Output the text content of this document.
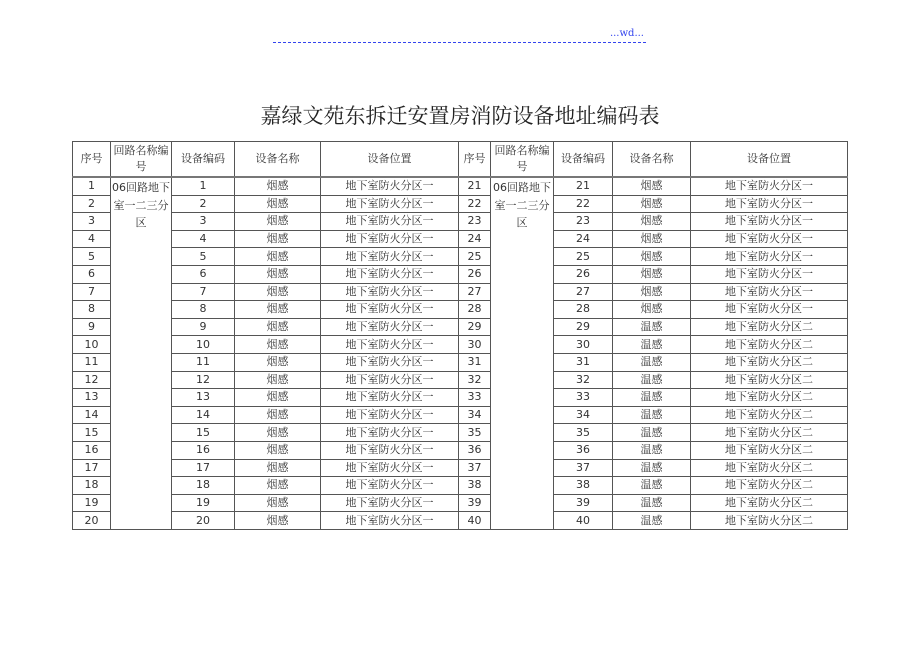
...wd...
嘉绿文苑东拆迁安置房消防设备地址编码表
序号	回路名称编号	设备编码	设备名称	设备位置	序号	回路名称编号	设备编码	设备名称	设备位置
1	06回路地下室一二三分区	1	烟感	地下室防火分区一	21	06回路地下室一二三分区	21	烟感	地下室防火分区一
2		2	烟感	地下室防火分区一	22		22	烟感	地下室防火分区一
3		3	烟感	地下室防火分区一	23		23	烟感	地下室防火分区一
4		4	烟感	地下室防火分区一	24		24	烟感	地下室防火分区一
5		5	烟感	地下室防火分区一	25		25	烟感	地下室防火分区一
6		6	烟感	地下室防火分区一	26		26	烟感	地下室防火分区一
7		7	烟感	地下室防火分区一	27		27	烟感	地下室防火分区一
8		8	烟感	地下室防火分区一	28		28	烟感	地下室防火分区一
9		9	烟感	地下室防火分区一	29		29	温感	地下室防火分区二
10		10	烟感	地下室防火分区一	30		30	温感	地下室防火分区二
11		11	烟感	地下室防火分区一	31		31	温感	地下室防火分区二
12		12	烟感	地下室防火分区一	32		32	温感	地下室防火分区二
13		13	烟感	地下室防火分区一	33		33	温感	地下室防火分区二
14		14	烟感	地下室防火分区一	34		34	温感	地下室防火分区二
15		15	烟感	地下室防火分区一	35		35	温感	地下室防火分区二
16		16	烟感	地下室防火分区一	36		36	温感	地下室防火分区二
17		17	烟感	地下室防火分区一	37		37	温感	地下室防火分区二
18		18	烟感	地下室防火分区一	38		38	温感	地下室防火分区二
19		19	烟感	地下室防火分区一	39		39	温感	地下室防火分区二
20		20	烟感	地下室防火分区一	40		40	温感	地下室防火分区二
